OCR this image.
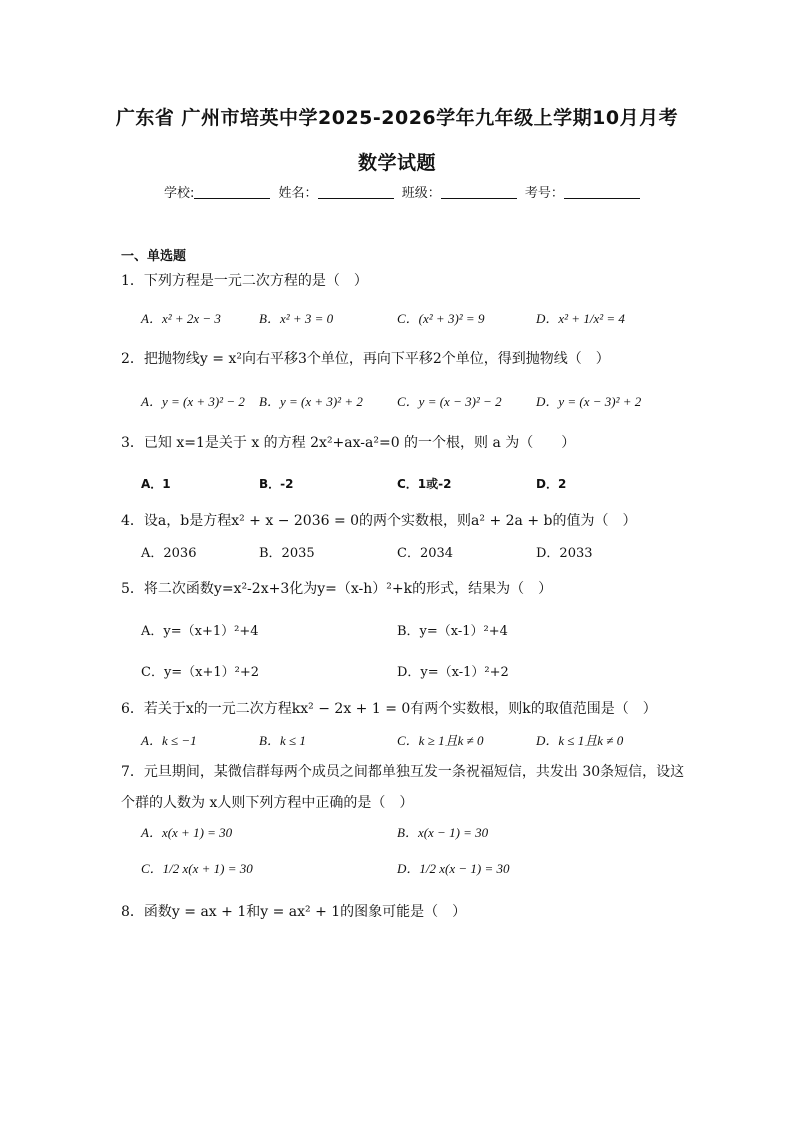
广东省 广州市培英中学2025-2026学年九年级上学期10月月考
数学试题
学校:	姓名：	班级：	考号：
一、单选题
1．下列方程是一元二次方程的是（　）
A．x² + 2x − 3	B．x² + 3 = 0	C．(x² + 3)² = 9	D．x² + 1/x² = 4
2．把抛物线y = x²向右平移3个单位，再向下平移2个单位，得到抛物线（　）
A．y = (x + 3)² − 2 B．y = (x + 3)² + 2	C．y = (x − 3)² − 2	D．y = (x − 3)² + 2
3．已知 x=1是关于 x 的方程 2x²+ax-a²=0 的一个根，则 a 为（　　）
A．1	B．-2	C．1或-2	D．2
4．设a，b是方程x² + x − 2036 = 0的两个实数根，则a² + 2a + b的值为（　）
A．2036	B．2035	C．2034	D．2033
5．将二次函数y=x²-2x+3化为y=（x-h）²+k的形式，结果为（　）
A．y=（x+1）²+4	B．y=（x-1）²+4
C．y=（x+1）²+2	D．y=（x-1）²+2
6．若关于x的一元二次方程kx² − 2x + 1 = 0有两个实数根，则k的取值范围是（　）
A．k ≤ −1	B．k ≤ 1	C．k ≥ 1且k ≠ 0	D．k ≤ 1且k ≠ 0
7．元旦期间，某微信群每两个成员之间都单独互发一条祝福短信，共发出 30条短信，设这
个群的人数为 x人则下列方程中正确的是（　）
A．x(x + 1) = 30	B．x(x − 1) = 30
C．1/2 x(x + 1) = 30	D．1/2 x(x − 1) = 30
8．函数y = ax + 1和y = ax² + 1的图象可能是（　）
